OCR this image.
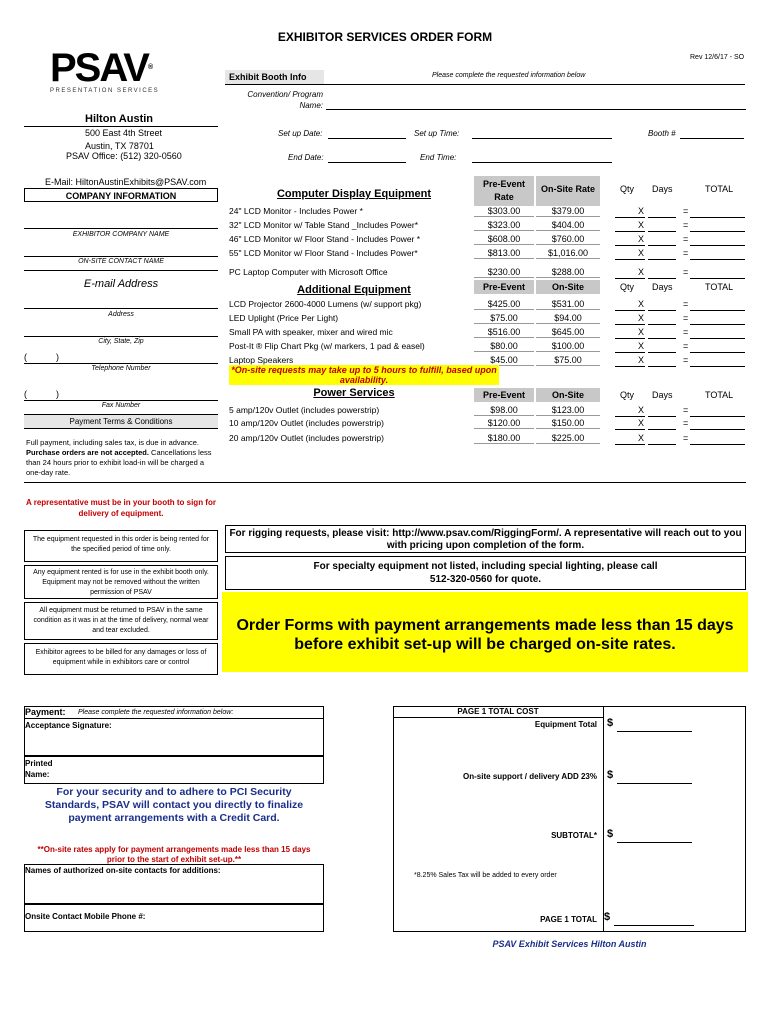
EXHIBITOR SERVICES ORDER FORM
Rev 12/6/17 - SO
PSAV®
PRESENTATION SERVICES
Exhibit Booth Info	Please complete the requested information below
Convention/ Program Name:
Hilton Austin
500 East 4th Street
Austin, TX 78701
PSAV Office: (512) 320-0560
E-Mail: HiltonAustinExhibits@PSAV.com
Set up Date:	Set up Time:	Booth #
End Date:	End Time:
COMPANY INFORMATION
EXHIBITOR COMPANY NAME
ON-SITE CONTACT NAME
E-mail Address
Address
City, State, Zip
(	)
Telephone Number
(	)
Fax Number
Payment Terms & Conditions
Full payment, including sales tax, is due in advance. Purchase orders are not accepted. Cancellations less than 24 hours prior to exhibit load-in will be charged a one-day rate.
A representative must be in your booth to sign for delivery of equipment.
The equipment requested in this order is being rented for the specified period of time only.
Any equipment rented is for use in the exhibit booth only. Equipment may not be removed without the written permission of PSAV
All equipment must be returned to PSAV in the same condition as it was in at the time of delivery, normal wear and tear excluded.
Exhibitor agrees to be billed for any damages or loss of equipment while in exhibitors care or control
Computer Display Equipment
Pre-Event
Rate
On-Site Rate	Qty Days	TOTAL
24" LCD Monitor - Includes Power *	$303.00	$379.00	X	=
32" LCD Monitor w/ Table Stand _Includes Power*	$323.00	$404.00	X	=
46" LCD Monitor w/ Floor Stand - Includes Power *	$608.00	$760.00	X	=
55" LCD Monitor w/ Floor Stand - Includes Power*	$813.00	$1,016.00	X	=
PC Laptop Computer with Microsoft Office	$230.00	$288.00	X	=
Additional Equipment	Pre-Event	On-Site	Qty Days	TOTAL
LCD Projector 2600-4000 Lumens (w/ support pkg)	$425.00	$531.00	X	=
LED Uplight (Price Per Light)	$75.00	$94.00	X	=
Small PA with speaker, mixer and wired mic	$516.00	$645.00	X	=
Post-It ® Flip Chart Pkg (w/ markers, 1 pad & easel)	$80.00	$100.00	X	=
Laptop Speakers	$45.00	$75.00	X	=
*On-site requests may take up to 5 hours to fulfill, based upon availability.
Power Services	Pre-Event	On-Site	Qty Days	TOTAL
5 amp/120v Outlet (includes powerstrip)	$98.00	$123.00	X	=
10 amp/120v Outlet (includes powerstrip)	$120.00	$150.00	X	=
20 amp/120v Outlet (includes powerstrip)	$180.00	$225.00	X	=
For rigging requests, please visit: http://www.psav.com/RiggingForm/. A representative will reach out to you with pricing upon completion of the form.
For specialty equipment not listed, including special lighting, please call 512-320-0560 for quote.
Order Forms with payment arrangements made less than 15 days before exhibit set-up will be charged on-site rates.
Payment: Please complete the requested information below:
Acceptance Signature:
Printed
Name:
For your security and to adhere to PCI Security Standards, PSAV will contact you directly to finalize payment arrangements with a Credit Card.
**On-site rates apply for payment arrangements made less than 15 days prior to the start of exhibit set-up.**
Names of authorized on-site contacts for additions:
Onsite Contact Mobile Phone #:
PAGE 1 TOTAL COST
Equipment Total $
On-site support / delivery ADD 23% $
SUBTOTAL* $
*8.25% Sales Tax will be added to every order
PAGE 1 TOTAL $
PSAV Exhibit Services Hilton Austin
